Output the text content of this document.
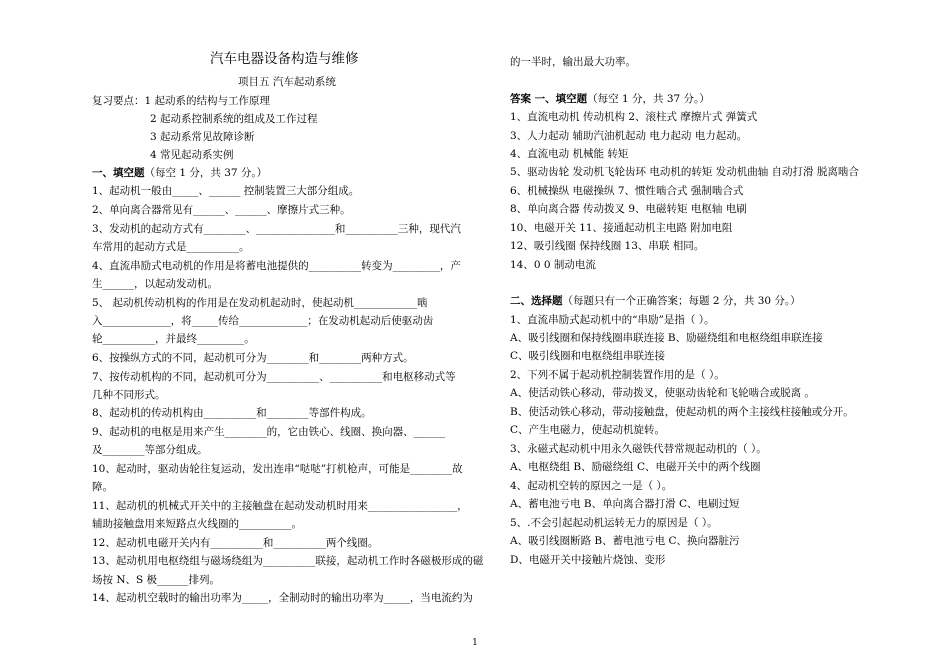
汽车电器设备构造与维修
项目五 汽车起动系统
复习要点：1 起动系的结构与工作原理
2 起动系控制系统的组成及工作过程
3 起动系常见故障诊断
4 常见起动系实例
一、填空题（每空 1 分，共 37 分。）
1、起动机一般由_____、______ 控制装置三大部分组成。
2、单向离合器常见有______、______、摩擦片式三种。
3、发动机的起动方式有________、_______________和__________三种，现代汽
车常用的起动方式是__________。
4、直流串励式电动机的作用是将蓄电池提供的__________转变为_________，产
生______，以起动发动机。
5、 起动机传动机构的作用是在发动机起动时，使起动机____________啮
入_____________，将_____传给_____________；在发动机起动后使驱动齿
轮__________，并最终_________。
6、按操纵方式的不同，起动机可分为________和________两种方式。
7、按传动机构的不同，起动机可分为__________、__________和电枢移动式等
几种不同形式。
8、起动机的传动机构由__________和________等部件构成。
9、起动机的电枢是用来产生________的，它由铁心、线圈、换向器、______
及________等部分组成。
10、起动时，驱动齿轮往复运动，发出连串“哒哒”打机枪声，可能是________故
障。
11、起动机的机械式开关中的主接触盘在起动发动机时用来_________________，
辅助接触盘用来短路点火线圈的__________。
12、起动机电磁开关内有__________和__________两个线圈。
13、起动机用电枢绕组与磁场绕组为__________联接，起动机工作时各磁极形成的磁
场按 N、S 极______排列。
14、起动机空载时的输出功率为_____，全制动时的输出功率为_____，当电流约为
的一半时，输出最大功率。
答案 一、填空题（每空 1 分，共 37 分。）
1、直流电动机 传动机构 2、滚柱式 摩擦片式 弹簧式
3、人力起动 辅助汽油机起动 电力起动 电力起动。
4、直流电动 机械能 转矩
5、驱动齿轮 发动机飞轮齿环 电动机的转矩 发动机曲轴 自动打滑 脱离啮合
6、机械操纵 电磁操纵 7、惯性啮合式 强制啮合式
8、单向离合器 传动拨叉 9、电磁转矩 电枢轴 电刷
10、电磁开关 11、接通起动机主电路 附加电阻
12、吸引线圈 保持线圈 13、串联 相同。
14、0 0 制动电流
二、选择题（每题只有一个正确答案；每题 2 分，共 30 分。）
1、直流串励式起动机中的“串励”是指（ ）。
A、吸引线圈和保持线圈串联连接 B、励磁绕组和电枢绕组串联连接
C、吸引线圈和电枢绕组串联连接
2、下列不属于起动机控制装置作用的是（ ）。
A、使活动铁心移动，带动拨叉，使驱动齿轮和飞轮啮合或脱离 。
B、使活动铁心移动，带动接触盘，使起动机的两个主接线柱接触或分开。
C、产生电磁力，使起动机旋转。
3、永磁式起动机中用永久磁铁代替常规起动机的（ ）。
A、电枢绕组 B、励磁绕组 C、电磁开关中的两个线圈
4、起动机空转的原因之一是（ ）。
A、蓄电池亏电 B、单向离合器打滑 C、电刷过短
5、.不会引起起动机运转无力的原因是（ ）。
A、吸引线圈断路 B、蓄电池亏电 C、换向器脏污
D、电磁开关中接触片烧蚀、变形
1
